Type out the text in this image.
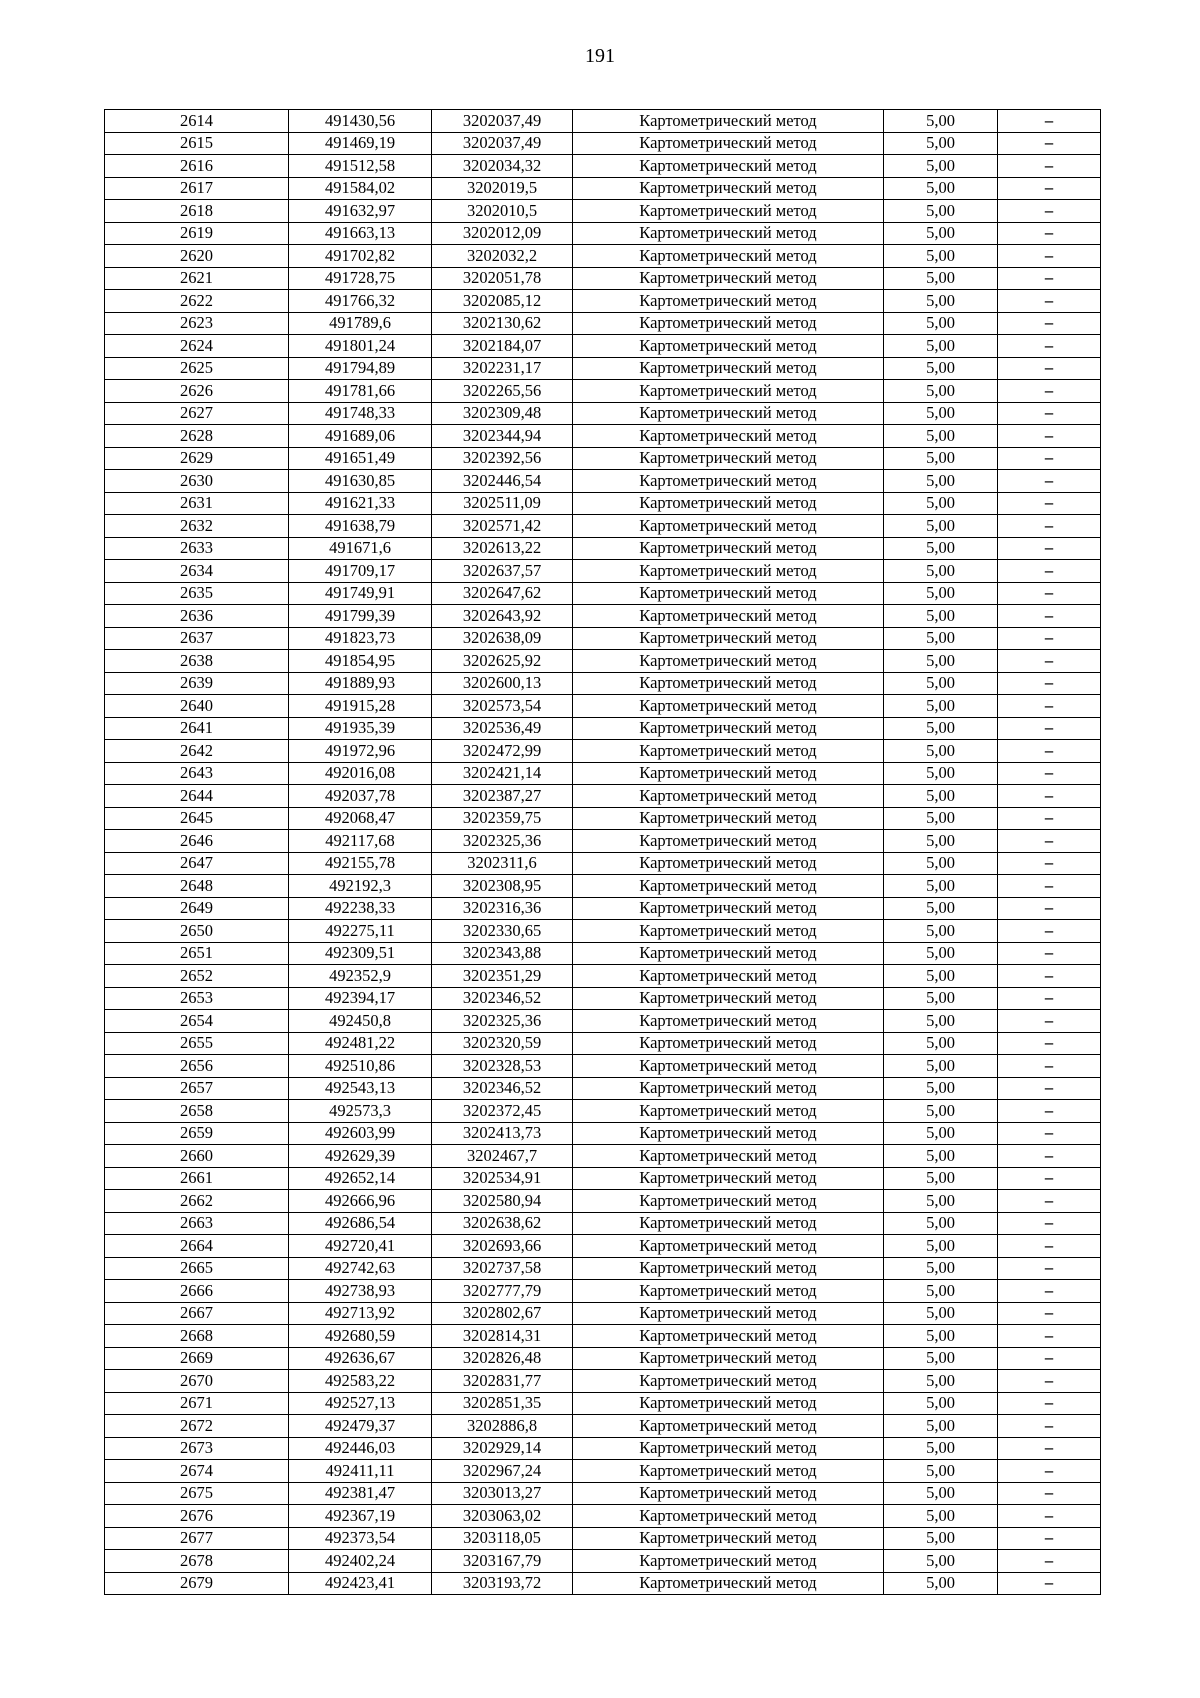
191
2614	491430,56	3202037,49	Картометрический метод	5,00	–
2615	491469,19	3202037,49	Картометрический метод	5,00	–
2616	491512,58	3202034,32	Картометрический метод	5,00	–
2617	491584,02	3202019,5	Картометрический метод	5,00	–
2618	491632,97	3202010,5	Картометрический метод	5,00	–
2619	491663,13	3202012,09	Картометрический метод	5,00	–
2620	491702,82	3202032,2	Картометрический метод	5,00	–
2621	491728,75	3202051,78	Картометрический метод	5,00	–
2622	491766,32	3202085,12	Картометрический метод	5,00	–
2623	491789,6	3202130,62	Картометрический метод	5,00	–
2624	491801,24	3202184,07	Картометрический метод	5,00	–
2625	491794,89	3202231,17	Картометрический метод	5,00	–
2626	491781,66	3202265,56	Картометрический метод	5,00	–
2627	491748,33	3202309,48	Картометрический метод	5,00	–
2628	491689,06	3202344,94	Картометрический метод	5,00	–
2629	491651,49	3202392,56	Картометрический метод	5,00	–
2630	491630,85	3202446,54	Картометрический метод	5,00	–
2631	491621,33	3202511,09	Картометрический метод	5,00	–
2632	491638,79	3202571,42	Картометрический метод	5,00	–
2633	491671,6	3202613,22	Картометрический метод	5,00	–
2634	491709,17	3202637,57	Картометрический метод	5,00	–
2635	491749,91	3202647,62	Картометрический метод	5,00	–
2636	491799,39	3202643,92	Картометрический метод	5,00	–
2637	491823,73	3202638,09	Картометрический метод	5,00	–
2638	491854,95	3202625,92	Картометрический метод	5,00	–
2639	491889,93	3202600,13	Картометрический метод	5,00	–
2640	491915,28	3202573,54	Картометрический метод	5,00	–
2641	491935,39	3202536,49	Картометрический метод	5,00	–
2642	491972,96	3202472,99	Картометрический метод	5,00	–
2643	492016,08	3202421,14	Картометрический метод	5,00	–
2644	492037,78	3202387,27	Картометрический метод	5,00	–
2645	492068,47	3202359,75	Картометрический метод	5,00	–
2646	492117,68	3202325,36	Картометрический метод	5,00	–
2647	492155,78	3202311,6	Картометрический метод	5,00	–
2648	492192,3	3202308,95	Картометрический метод	5,00	–
2649	492238,33	3202316,36	Картометрический метод	5,00	–
2650	492275,11	3202330,65	Картометрический метод	5,00	–
2651	492309,51	3202343,88	Картометрический метод	5,00	–
2652	492352,9	3202351,29	Картометрический метод	5,00	–
2653	492394,17	3202346,52	Картометрический метод	5,00	–
2654	492450,8	3202325,36	Картометрический метод	5,00	–
2655	492481,22	3202320,59	Картометрический метод	5,00	–
2656	492510,86	3202328,53	Картометрический метод	5,00	–
2657	492543,13	3202346,52	Картометрический метод	5,00	–
2658	492573,3	3202372,45	Картометрический метод	5,00	–
2659	492603,99	3202413,73	Картометрический метод	5,00	–
2660	492629,39	3202467,7	Картометрический метод	5,00	–
2661	492652,14	3202534,91	Картометрический метод	5,00	–
2662	492666,96	3202580,94	Картометрический метод	5,00	–
2663	492686,54	3202638,62	Картометрический метод	5,00	–
2664	492720,41	3202693,66	Картометрический метод	5,00	–
2665	492742,63	3202737,58	Картометрический метод	5,00	–
2666	492738,93	3202777,79	Картометрический метод	5,00	–
2667	492713,92	3202802,67	Картометрический метод	5,00	–
2668	492680,59	3202814,31	Картометрический метод	5,00	–
2669	492636,67	3202826,48	Картометрический метод	5,00	–
2670	492583,22	3202831,77	Картометрический метод	5,00	–
2671	492527,13	3202851,35	Картометрический метод	5,00	–
2672	492479,37	3202886,8	Картометрический метод	5,00	–
2673	492446,03	3202929,14	Картометрический метод	5,00	–
2674	492411,11	3202967,24	Картометрический метод	5,00	–
2675	492381,47	3203013,27	Картометрический метод	5,00	–
2676	492367,19	3203063,02	Картометрический метод	5,00	–
2677	492373,54	3203118,05	Картометрический метод	5,00	–
2678	492402,24	3203167,79	Картометрический метод	5,00	–
2679	492423,41	3203193,72	Картометрический метод	5,00	–
